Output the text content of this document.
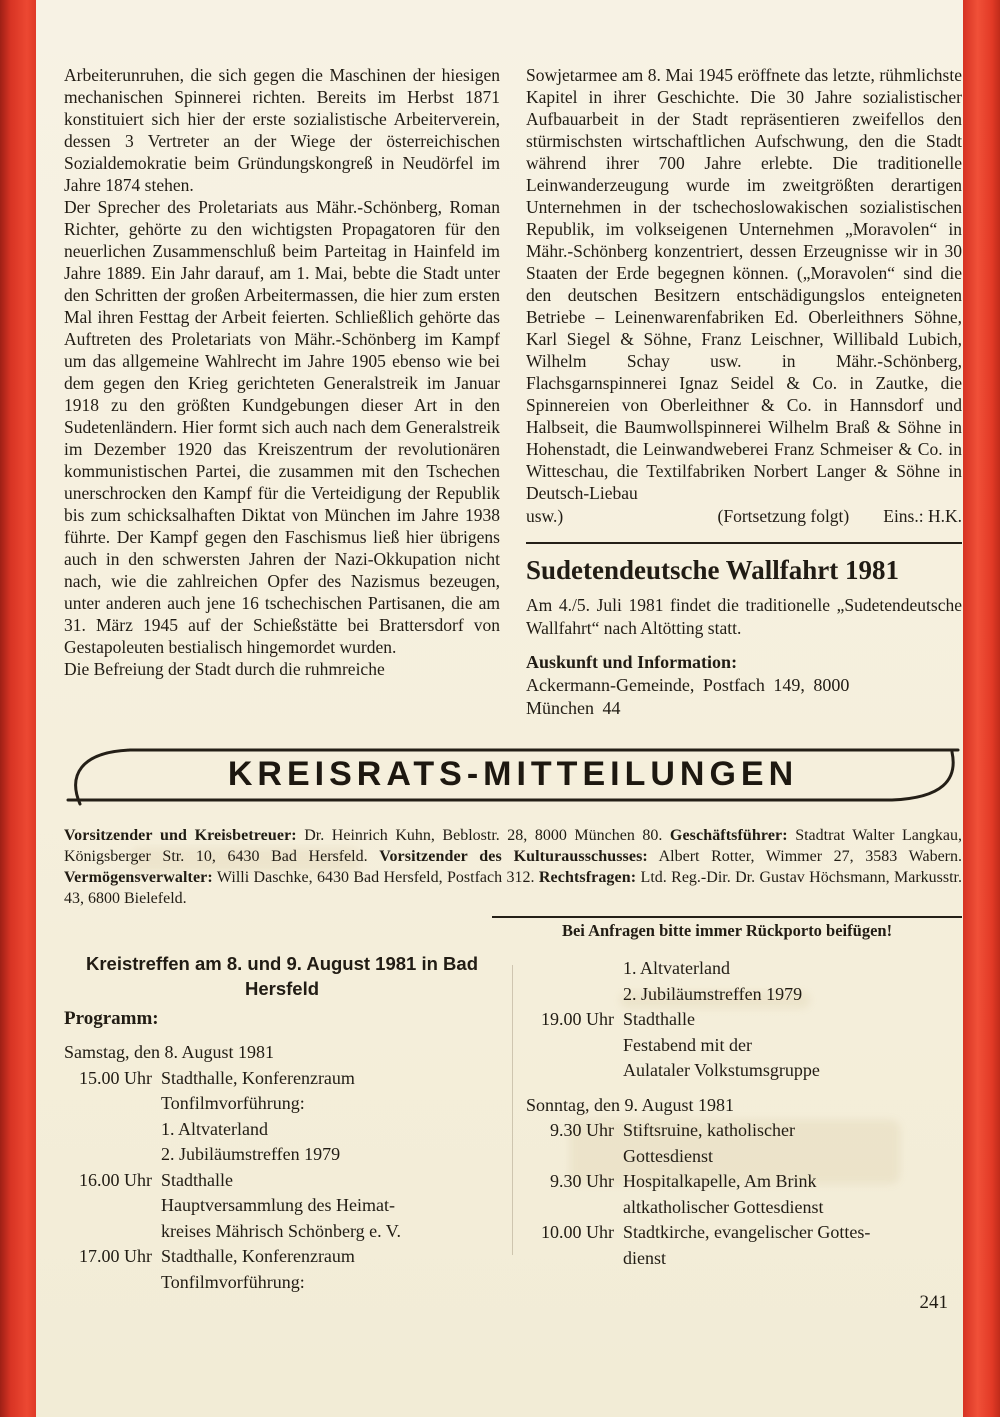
Arbeiterunruhen, die sich gegen die Maschinen der hiesigen mechanischen Spinnerei richten. Bereits im Herbst 1871 konstituiert sich hier der erste sozialistische Arbeiterverein, dessen 3 Vertreter an der Wiege der österreichischen Sozialdemokratie beim Gründungskongreß in Neudörfel im Jahre 1874 stehen.

Der Sprecher des Proletariats aus Mähr.-Schönberg, Roman Richter, gehörte zu den wichtigsten Propagatoren für den neuerlichen Zusammenschluß beim Parteitag in Hainfeld im Jahre 1889. Ein Jahr darauf, am 1. Mai, bebte die Stadt unter den Schritten der großen Arbeitermassen, die hier zum ersten Mal ihren Festtag der Arbeit feierten. Schließlich gehörte das Auftreten des Proletariats von Mähr.-Schönberg im Kampf um das allgemeine Wahlrecht im Jahre 1905 ebenso wie bei dem gegen den Krieg gerichteten Generalstreik im Januar 1918 zu den größten Kundgebungen dieser Art in den Sudetenländern. Hier formt sich auch nach dem Generalstreik im Dezember 1920 das Kreiszentrum der revolutionären kommunistischen Partei, die zusammen mit den Tschechen unerschrocken den Kampf für die Verteidigung der Republik bis zum schicksalhaften Diktat von München im Jahre 1938 führte. Der Kampf gegen den Faschismus ließ hier übrigens auch in den schwersten Jahren der Nazi-Okkupation nicht nach, wie die zahlreichen Opfer des Nazismus bezeugen, unter anderen auch jene 16 tschechischen Partisanen, die am 31. März 1945 auf der Schießstätte bei Brattersdorf von Gestapoleuten bestialisch hingemordet wurden.

Die Befreiung der Stadt durch die ruhmreiche

Sowjetarmee am 8. Mai 1945 eröffnete das letzte, rühmlichste Kapitel in ihrer Geschichte. Die 30 Jahre sozialistischer Aufbauarbeit in der Stadt repräsentieren zweifellos den stürmischsten wirtschaftlichen Aufschwung, den die Stadt während ihrer 700 Jahre erlebte. Die traditionelle Leinwanderzeugung wurde im zweitgrößten derartigen Unternehmen in der tschechoslowakischen sozialistischen Republik, im volkseigenen Unternehmen „Moravolen“ in Mähr.-Schönberg konzentriert, dessen Erzeugnisse wir in 30 Staaten der Erde begegnen können. („Moravolen“ sind die den deutschen Besitzern entschädigungslos enteigneten Betriebe – Leinenwarenfabriken Ed. Oberleithners Söhne, Karl Siegel & Söhne, Franz Leischner, Willibald Lubich, Wilhelm Schay usw. in Mähr.-Schönberg, Flachsgarnspinnerei Ignaz Seidel & Co. in Zautke, die Spinnereien von Oberleithner & Co. in Hannsdorf und Halbseit, die Baumwollspinnerei Wilhelm Braß & Söhne in Hohenstadt, die Leinwandweberei Franz Schmeiser & Co. in Witteschau, die Textilfabriken Norbert Langer & Söhne in Deutsch-Liebau

usw.)	(Fortsetzung folgt) Eins.: H.K.
Sudetendeutsche Wallfahrt 1981

Am 4./5. Juli 1981 findet die traditionelle „Sudetendeutsche Wallfahrt“ nach Altötting statt.

Auskunft und Information:
Ackermann-Gemeinde, Postfach 149, 8000
München 44
KREISRATS-MITTEILUNGEN

Vorsitzender und Kreisbetreuer: Dr. Heinrich Kuhn, Beblostr. 28, 8000 München 80. Geschäftsführer: Stadtrat Walter Langkau, Königsberger Str. 10, 6430 Bad Hersfeld. Vorsitzender des Kulturausschusses: Albert Rotter, Wimmer 27, 3583 Wabern. Vermögensverwalter: Willi Daschke, 6430 Bad Hersfeld, Postfach 312. Rechtsfragen: Ltd. Reg.-Dir. Dr. Gustav Höchsmann, Markusstr. 43, 6800 Bielefeld.

Bei Anfragen bitte immer Rückporto beifügen!
Kreistreffen am 8. und 9. August 1981 in Bad
Hersfeld
Programm:
Samstag, den 8. August 1981
15.00 Uhr Stadthalle, Konferenzraum
Tonfilmvorführung:
1. Altvaterland
2. Jubiläumstreffen 1979
16.00 Uhr Stadthalle
Hauptversammlung des Heimat-
kreises Mährisch Schönberg e. V.
17.00 Uhr Stadthalle, Konferenzraum
Tonfilmvorführung:
1. Altvaterland
2. Jubiläumstreffen 1979
19.00 Uhr Stadthalle
Festabend mit der
Aulataler Volkstumsgruppe
Sonntag, den 9. August 1981
9.30 Uhr Stiftsruine, katholischer
Gottesdienst
9.30 Uhr Hospitalkapelle, Am Brink
altkatholischer Gottesdienst
10.00 Uhr Stadtkirche, evangelischer Gottes-
dienst
241
